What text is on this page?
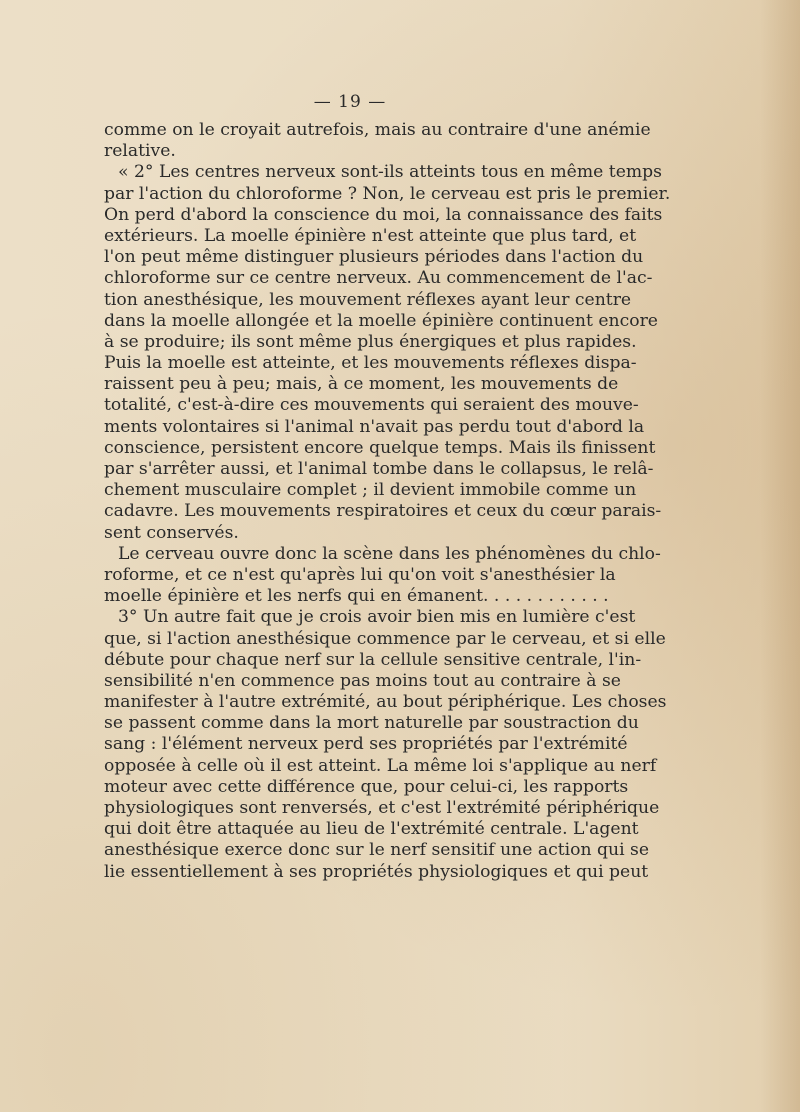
— 19 —
comme on le croyait autrefois, mais au contraire d'une anémie
relative.
« 2° Les centres nerveux sont-ils atteints tous en même temps
par l'action du chloroforme ? Non, le cerveau est pris le premier.
On perd d'abord la conscience du moi, la connaissance des faits
extérieurs. La moelle épinière n'est atteinte que plus tard, et
l'on peut même distinguer plusieurs périodes dans l'action du
chloroforme sur ce centre nerveux. Au commencement de l'ac-
tion anesthésique, les mouvement réflexes ayant leur centre
dans la moelle allongée et la moelle épinière continuent encore
à se produire; ils sont même plus énergiques et plus rapides.
Puis la moelle est atteinte, et les mouvements réflexes dispa-
raissent peu à peu; mais, à ce moment, les mouvements de
totalité, c'est-à-dire ces mouvements qui seraient des mouve-
ments volontaires si l'animal n'avait pas perdu tout d'abord la
conscience, persistent encore quelque temps. Mais ils finissent
par s'arrêter aussi, et l'animal tombe dans le collapsus, le relâ-
chement musculaire complet ; il devient immobile comme un
cadavre. Les mouvements respiratoires et ceux du cœur parais-
sent conservés.
Le cerveau ouvre donc la scène dans les phénomènes du chlo-
roforme, et ce n'est qu'après lui qu'on voit s'anesthésier la
moelle épinière et les nerfs qui en émanent. . . . . . . . . . . .
3° Un autre fait que je crois avoir bien mis en lumière c'est
que, si l'action anesthésique commence par le cerveau, et si elle
débute pour chaque nerf sur la cellule sensitive centrale, l'in-
sensibilité n'en commence pas moins tout au contraire à se
manifester à l'autre extrémité, au bout périphérique. Les choses
se passent comme dans la mort naturelle par soustraction du
sang : l'élément nerveux perd ses propriétés par l'extrémité
opposée à celle où il est atteint. La même loi s'applique au nerf
moteur avec cette différence que, pour celui-ci, les rapports
physiologiques sont renversés, et c'est l'extrémité périphérique
qui doit être attaquée au lieu de l'extrémité centrale. L'agent
anesthésique exerce donc sur le nerf sensitif une action qui se
lie essentiellement à ses propriétés physiologiques et qui peut
